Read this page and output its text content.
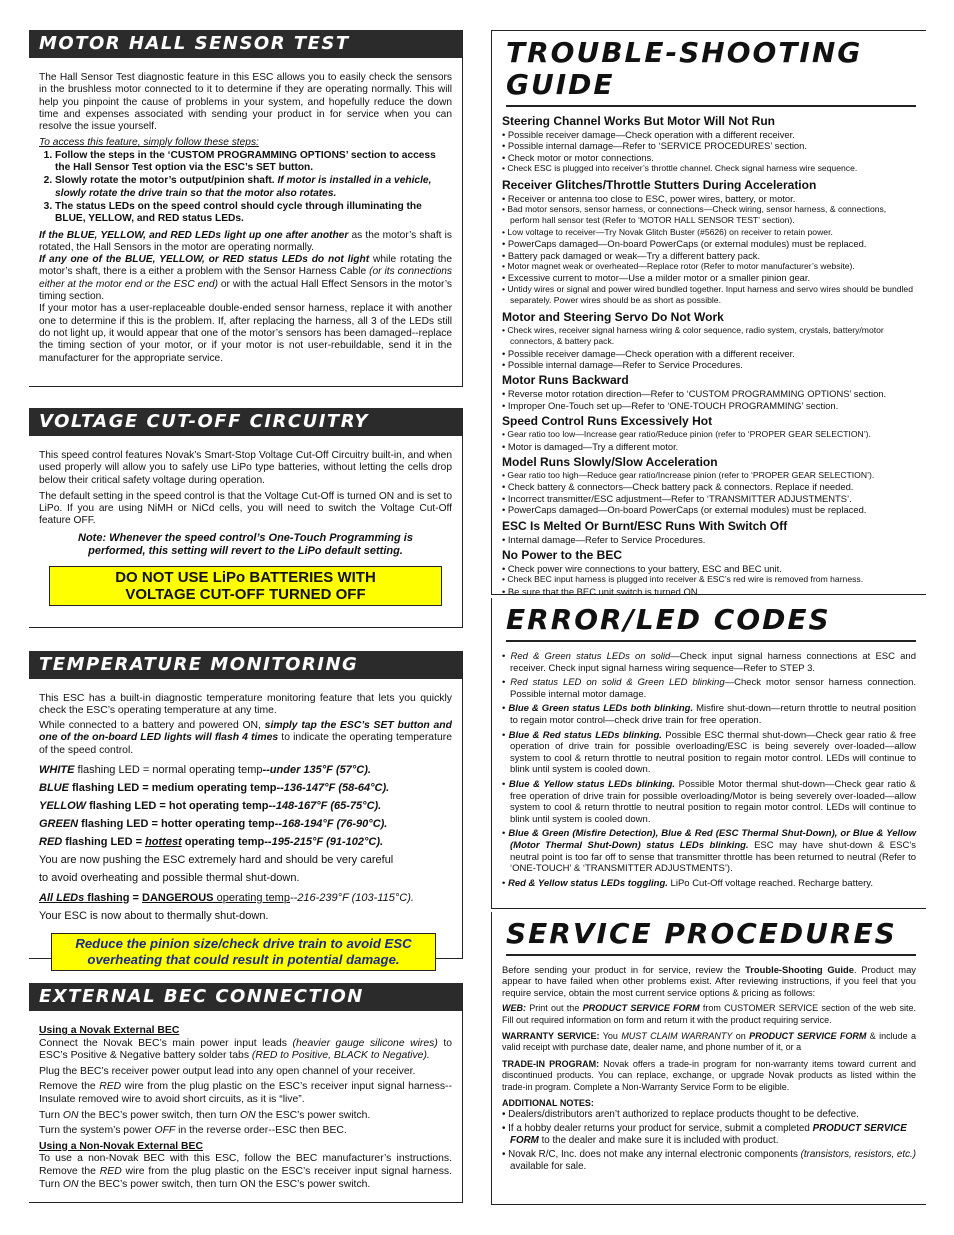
MOTOR HALL SENSOR TEST

The Hall Sensor Test diagnostic feature in this ESC allows you to easily check the sensors in the brushless motor connected to it to determine if they are operating normally. This will help you pinpoint the cause of problems in your system, and hopefully reduce the down time and expenses associated with sending your product in for service when you can resolve the issue yourself.

To access this feature, simply follow these steps:

1. Follow the steps in the ‘CUSTOM PROGRAMMING OPTIONS’ section to access the Hall Sensor Test option via the ESC’s SET button.
2. Slowly rotate the motor’s output/pinion shaft. If motor is installed in a vehicle, slowly rotate the drive train so that the motor also rotates.
3. The status LEDs on the speed control should cycle through illuminating the BLUE, YELLOW, and RED status LEDs.

If the BLUE, YELLOW, and RED LEDs light up one after another as the motor’s shaft is rotated, the Hall Sensors in the motor are operating normally.

If any one of the BLUE, YELLOW, or RED status LEDs do not light while rotating the motor’s shaft, there is a either a problem with the Sensor Harness Cable (or its connections either at the motor end or the ESC end) or with the actual Hall Effect Sensors in the motor’s timing section.

If your motor has a user-replaceable double-ended sensor harness, replace it with another one to determine if this is the problem. If, after replacing the harness, all 3 of the LEDs still do not light up, it would appear that one of the motor’s sensors has been damaged--replace the timing section of your motor, or if your motor is not user-rebuildable, send it in the manufacturer for the appropriate service.

VOLTAGE CUT-OFF CIRCUITRY

This speed control features Novak’s Smart-Stop Voltage Cut-Off Circuitry built-in, and when used properly will allow you to safely use LiPo type batteries, without letting the cells drop below their critical safety voltage during operation.

The default setting in the speed control is that the Voltage Cut-Off is turned ON and is set to LiPo. If you are using NiMH or NiCd cells, you will need to switch the Voltage Cut-Off feature OFF.

Note: Whenever the speed control’s One-Touch Programming is performed, this setting will revert to the LiPo default setting.

DO NOT USE LiPo BATTERIES WITH
VOLTAGE CUT-OFF TURNED OFF
TEMPERATURE MONITORING

This ESC has a built-in diagnostic temperature monitoring feature that lets you quickly check the ESC’s operating temperature at any time.

While connected to a battery and powered ON, simply tap the ESC’s SET button and one of the on-board LED lights will flash 4 times to indicate the operating temperature of the speed control.

WHITE flashing LED = normal operating temp--under 135°F (57°C).

BLUE flashing LED = medium operating temp--136-147°F (58-64°C).

YELLOW flashing LED = hot operating temp--148-167°F (65-75°C).

GREEN flashing LED = hotter operating temp--168-194°F (76-90°C).

RED flashing LED = hottest operating temp--195-215°F (91-102°C).

You are now pushing the ESC extremely hard and should be very careful

to avoid overheating and possible thermal shut-down.

All LEDs flashing = DANGEROUS operating temp--216-239°F (103-115°C).

Your ESC is now about to thermally shut-down.

Reduce the pinion size/check drive train to avoid ESC
overheating that could result in potential damage.
EXTERNAL BEC CONNECTION

Using a Novak External BEC

Connect the Novak BEC’s main power input leads (heavier gauge silicone wires) to ESC’s Positive & Negative battery solder tabs (RED to Positive, BLACK to Negative).

Plug the BEC’s receiver power output lead into any open channel of your receiver.

Remove the RED wire from the plug plastic on the ESC’s receiver input signal harness--Insulate removed wire to avoid short circuits, as it is “live”.

Turn ON the BEC’s power switch, then turn ON the ESC’s power switch.

Turn the system’s power OFF in the reverse order--ESC then BEC.

Using a Non-Novak External BEC

To use a non-Novak BEC with this ESC, follow the BEC manufacturer’s instructions. Remove the RED wire from the plug plastic on the ESC’s receiver input signal harness. Turn ON the BEC’s power switch, then turn ON the ESC’s power switch.

TROUBLE-SHOOTING GUIDE
Steering Channel Works But Motor Will Not Run
• Possible receiver damage—Check operation with a different receiver.
• Possible internal damage—Refer to ‘SERVICE PROCEDURES’ section.
• Check motor or motor connections.
• Check ESC is plugged into receiver’s throttle channel. Check signal harness wire sequence.
Receiver Glitches/Throttle Stutters During Acceleration
• Receiver or antenna too close to ESC, power wires, battery, or motor.
• Bad motor sensors, sensor harness, or connections—Check wiring, sensor harness, & connections, perform hall sensor test (Refer to ‘MOTOR HALL SENSOR TEST’ section).
• Low voltage to receiver—Try Novak Glitch Buster (#5626) on receiver to retain power.
• PowerCaps damaged—On-board PowerCaps (or external modules) must be replaced.
• Battery pack damaged or weak—Try a different battery pack.
• Motor magnet weak or overheated—Replace rotor (Refer to motor manufacturer’s website).
• Excessive current to motor—Use a milder motor or a smaller pinion gear.
• Untidy wires or signal and power wired bundled together. Input harness and servo wires should be bundled separately. Power wires should be as short as possible.
Motor and Steering Servo Do Not Work
• Check wires, receiver signal harness wiring & color sequence, radio system, crystals, battery/motor connectors, & battery pack.
• Possible receiver damage—Check operation with a different receiver.
• Possible internal damage—Refer to Service Procedures.
Motor Runs Backward
• Reverse motor rotation direction—Refer to ‘CUSTOM PROGRAMMING OPTIONS’ section.
• Improper One-Touch set up—Refer to ‘ONE-TOUCH PROGRAMMING’ section.
Speed Control Runs Excessively Hot
• Gear ratio too low—Increase gear ratio/Reduce pinion (refer to ‘PROPER GEAR SELECTION’).
• Motor is damaged—Try a different motor.
Model Runs Slowly/Slow Acceleration
• Gear ratio too high—Reduce gear ratio/Increase pinion (refer to ‘PROPER GEAR SELECTION’).
• Check battery & connectors—Check battery pack & connectors. Replace if needed.
• Incorrect transmitter/ESC adjustment—Refer to ‘TRANSMITTER ADJUSTMENTS’.
• PowerCaps damaged—On-board PowerCaps (or external modules) must be replaced.
ESC Is Melted Or Burnt/ESC Runs With Switch Off
• Internal damage—Refer to Service Procedures.
No Power to the BEC
• Check power wire connections to your battery, ESC and BEC unit.
• Check BEC input harness is plugged into receiver & ESC’s red wire is removed from harness.
• Be sure that the BEC unit switch is turned ON.
ERROR/LED CODES
• Red & Green status LEDs on solid—Check input signal harness connections at ESC and receiver. Check input signal harness wiring sequence—Refer to STEP 3.
• Red status LED on solid & Green LED blinking—Check motor sensor harness connection. Possible internal motor damage.
• Blue & Green status LEDs both blinking. Misfire shut-down—return throttle to neutral position to regain motor control—check drive train for free operation.
• Blue & Red status LEDs blinking. Possible ESC thermal shut-down—Check gear ratio & free operation of drive train for possible overloading/ESC is being severely over-loaded—allow system to cool & return throttle to neutral position to regain motor control. LEDs will continue to blink until system is cooled down.
• Blue & Yellow status LEDs blinking. Possible Motor thermal shut-down—Check gear ratio & free operation of drive train for possible overloading/Motor is being severely over-loaded—allow system to cool & return throttle to neutral position to regain motor control. LEDs will continue to blink until system is cooled down.
• Blue & Green (Misfire Detection), Blue & Red (ESC Thermal Shut-Down), or Blue & Yellow (Motor Thermal Shut-Down) status LEDs blinking. ESC may have shut-down & ESC’s neutral point is too far off to sense that transmitter throttle has been returned to neutral (Refer to ‘ONE-TOUCH’ & ‘TRANSMITTER ADJUSTMENTS’).
• Red & Yellow status LEDs toggling. LiPo Cut-Off voltage reached. Recharge battery.
SERVICE PROCEDURES

Before sending your product in for service, review the Trouble-Shooting Guide. Product may appear to have failed when other problems exist. After reviewing instructions, if you feel that you require service, obtain the most current service options & pricing as follows:

WEB: Print out the PRODUCT SERVICE FORM from CUSTOMER SERVICE section of the web site. Fill out required information on form and return it with the product requiring service.

WARRANTY SERVICE: You MUST CLAIM WARRANTY on PRODUCT SERVICE FORM & include a valid receipt with purchase date, dealer name, and phone number of it, or a

TRADE-IN PROGRAM: Novak offers a trade-in program for non-warranty items toward current and discontinued products. You can replace, exchange, or upgrade Novak products as listed within the trade-in program. Complete a Non-Warranty Service Form to be eligible.

ADDITIONAL NOTES:

• Dealers/distributors aren’t authorized to replace products thought to be defective.
• If a hobby dealer returns your product for service, submit a completed PRODUCT SERVICE FORM to the dealer and make sure it is included with product.
• Novak R/C, Inc. does not make any internal electronic components (transistors, resistors, etc.) available for sale.
